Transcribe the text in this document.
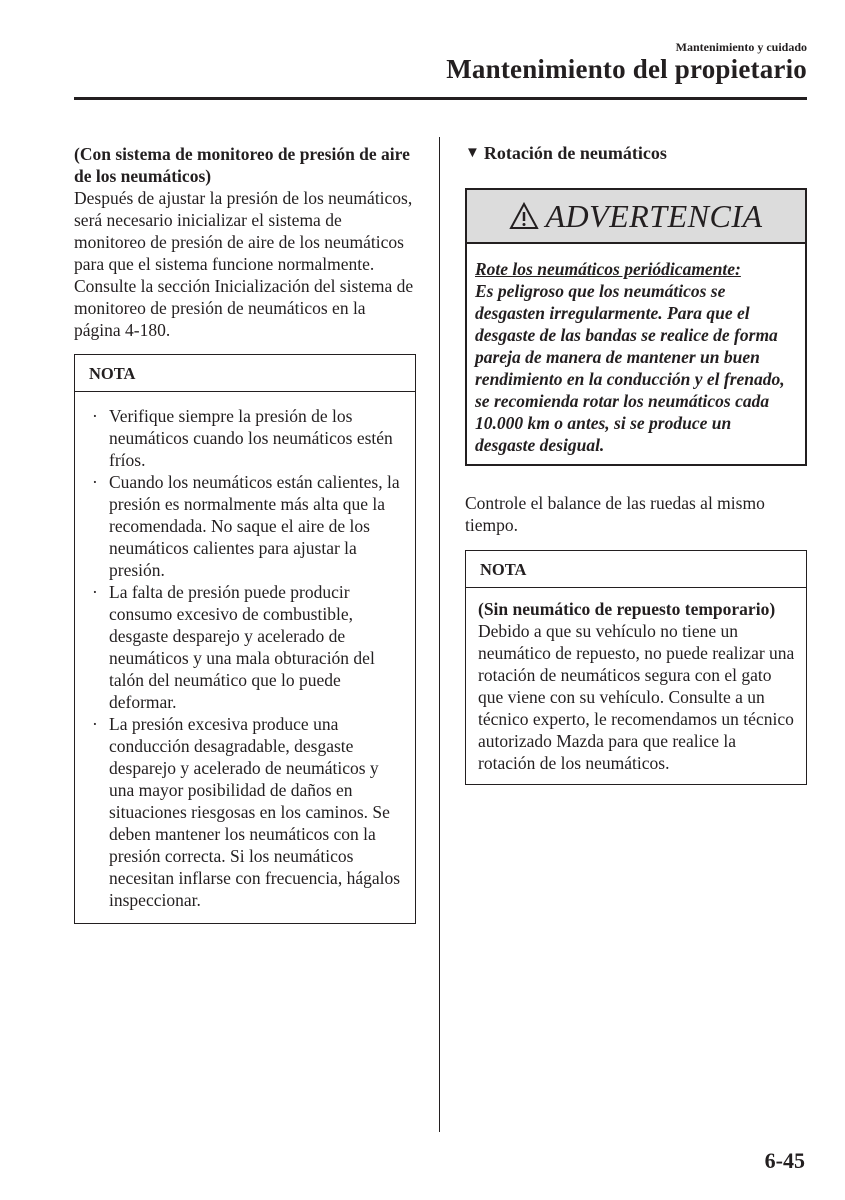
Mantenimiento y cuidado
Mantenimiento del propietario

(Con sistema de monitoreo de presión de aire de los neumáticos)

Después de ajustar la presión de los neumáticos, será necesario inicializar el sistema de monitoreo de presión de aire de los neumáticos para que el sistema funcione normalmente.

Consulte la sección Inicialización del sistema de monitoreo de presión de neumáticos en la página 4-180.

NOTA
· Verifique siempre la presión de los neumáticos cuando los neumáticos estén fríos.
· Cuando los neumáticos están calientes, la presión es normalmente más alta que la recomendada. No saque el aire de los neumáticos calientes para ajustar la presión.
· La falta de presión puede producir consumo excesivo de combustible, desgaste desparejo y acelerado de neumáticos y una mala obturación del talón del neumático que lo puede deformar.
· La presión excesiva produce una conducción desagradable, desgaste desparejo y acelerado de neumáticos y una mayor posibilidad de daños en situaciones riesgosas en los caminos. Se deben mantener los neumáticos con la presión correcta. Si los neumáticos necesitan inflarse con frecuencia, hágalos inspeccionar.
▼ Rotación de neumáticos
ADVERTENCIA
Rote los neumáticos periódicamente:
Es peligroso que los neumáticos se desgasten irregularmente. Para que el desgaste de las bandas se realice de forma pareja de manera de mantener un buen rendimiento en la conducción y el frenado, se recomienda rotar los neumáticos cada 10.000 km o antes, si se produce un desgaste desigual.

Controle el balance de las ruedas al mismo tiempo.

NOTA

(Sin neumático de repuesto temporario)

Debido a que su vehículo no tiene un neumático de repuesto, no puede realizar una rotación de neumáticos segura con el gato que viene con su vehículo. Consulte a un técnico experto, le recomendamos un técnico autorizado Mazda para que realice la rotación de los neumáticos.

6-45
